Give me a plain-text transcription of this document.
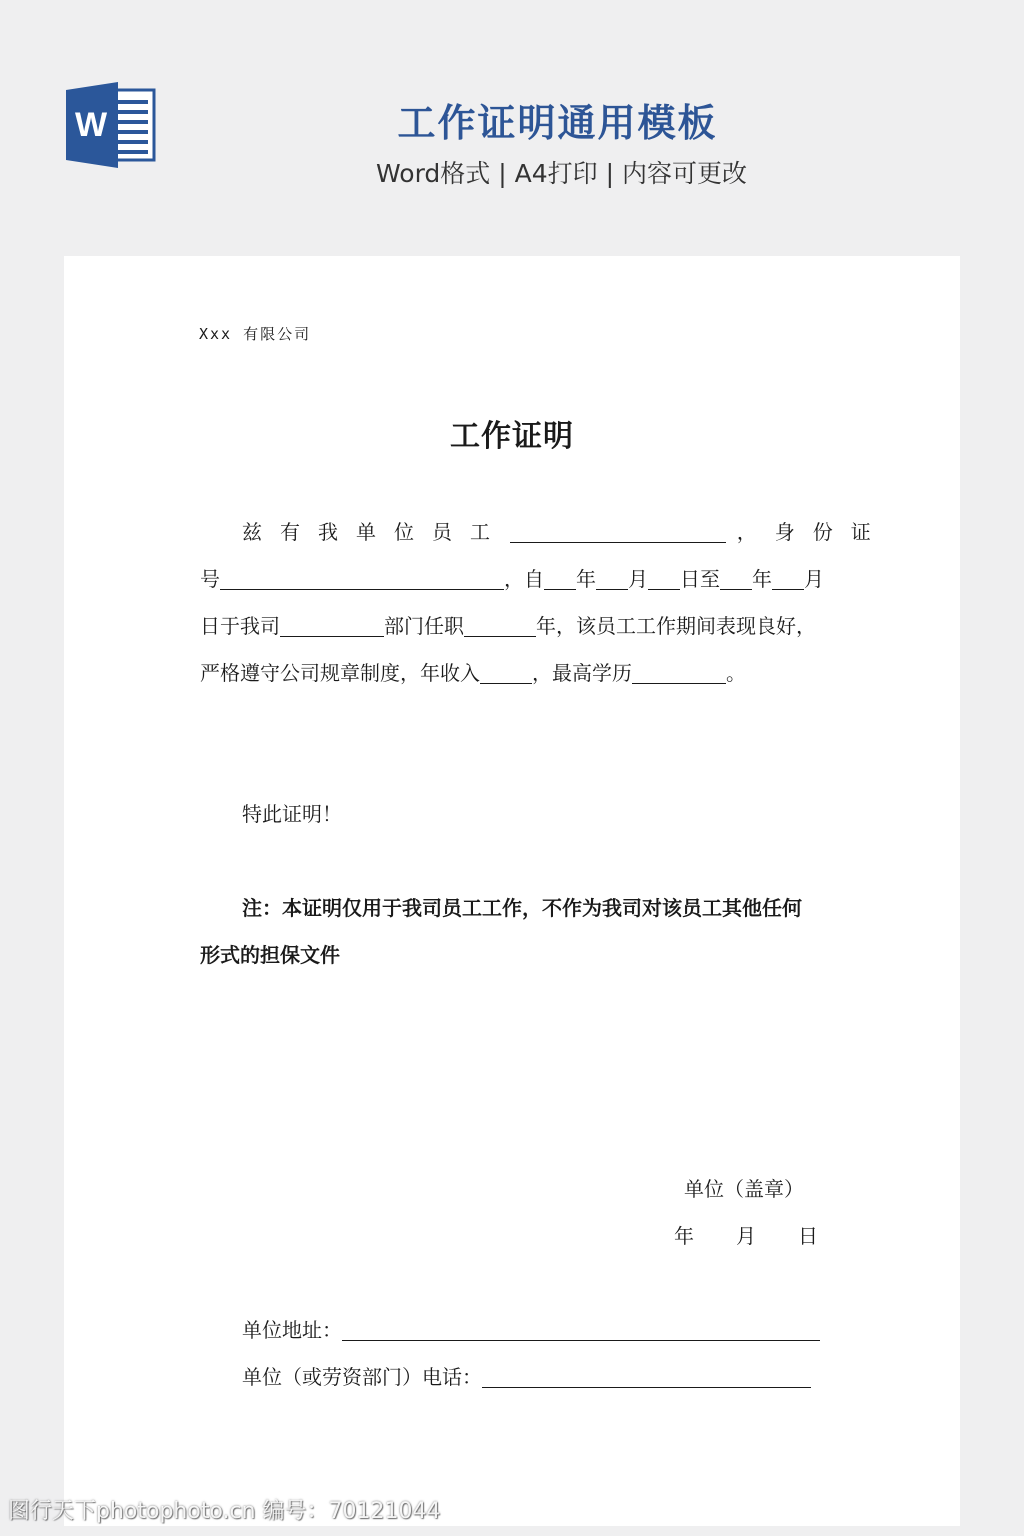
W	工作证明通用模板
Word格式 | A4打印 | 内容可更改
Xxx 有限公司
工作证明
兹有我单位员工	，身份证
号	，自 年 月 日至 年 月
日于我司	部门任职	年，该员工工作期间表现良好，
严格遵守公司规章制度，年收入	，最高学历	。
特此证明！
注：本证明仅用于我司员工工作，不作为我司对该员工其他任何
形式的担保文件
单位（盖章）
年 月 日
单位地址：
单位（或劳资部门）电话：
图行天下photophoto.cn 编号：70121044
